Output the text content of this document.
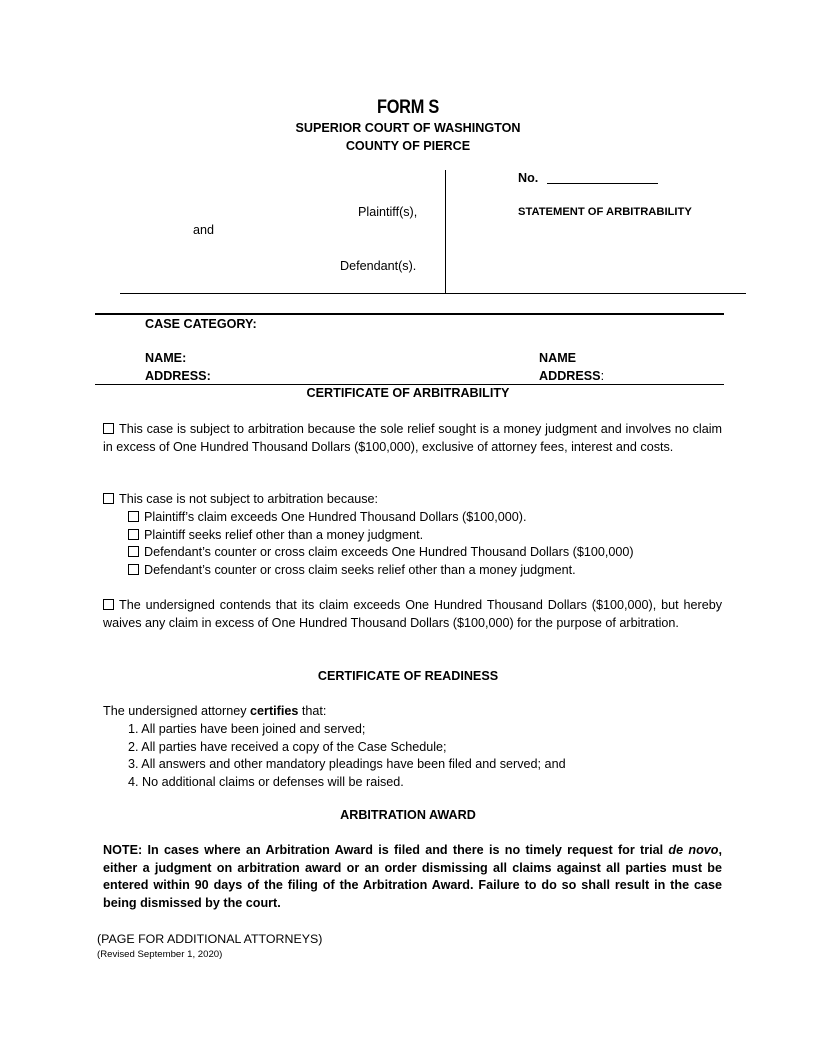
FORM S
SUPERIOR COURT OF WASHINGTON
COUNTY OF PIERCE
Plaintiff(s),
and
Defendant(s).
No.
STATEMENT OF ARBITRABILITY
CASE CATEGORY:
NAME:
ADDRESS:
NAME
ADDRESS:
CERTIFICATE OF ARBITRABILITY
This case is subject to arbitration because the sole relief sought is a money judgment and involves no claim in excess of One Hundred Thousand Dollars ($100,000), exclusive of attorney fees, interest and costs.
This case is not subject to arbitration because:
Plaintiff’s claim exceeds One Hundred Thousand Dollars ($100,000).
Plaintiff seeks relief other than a money judgment.
Defendant’s counter or cross claim exceeds One Hundred Thousand Dollars ($100,000)
Defendant’s counter or cross claim seeks relief other than a money judgment.
The undersigned contends that its claim exceeds One Hundred Thousand Dollars ($100,000), but hereby waives any claim in excess of One Hundred Thousand Dollars ($100,000) for the purpose of arbitration.
CERTIFICATE OF READINESS
The undersigned attorney certifies that:
1. All parties have been joined and served;
2. All parties have received a copy of the Case Schedule;
3. All answers and other mandatory pleadings have been filed and served; and
4. No additional claims or defenses will be raised.
ARBITRATION AWARD
NOTE: In cases where an Arbitration Award is filed and there is no timely request for trial de novo, either a judgment on arbitration award or an order dismissing all claims against all parties must be entered within 90 days of the filing of the Arbitration Award. Failure to do so shall result in the case being dismissed by the court.
(PAGE FOR ADDITIONAL ATTORNEYS)
(Revised September 1, 2020)
